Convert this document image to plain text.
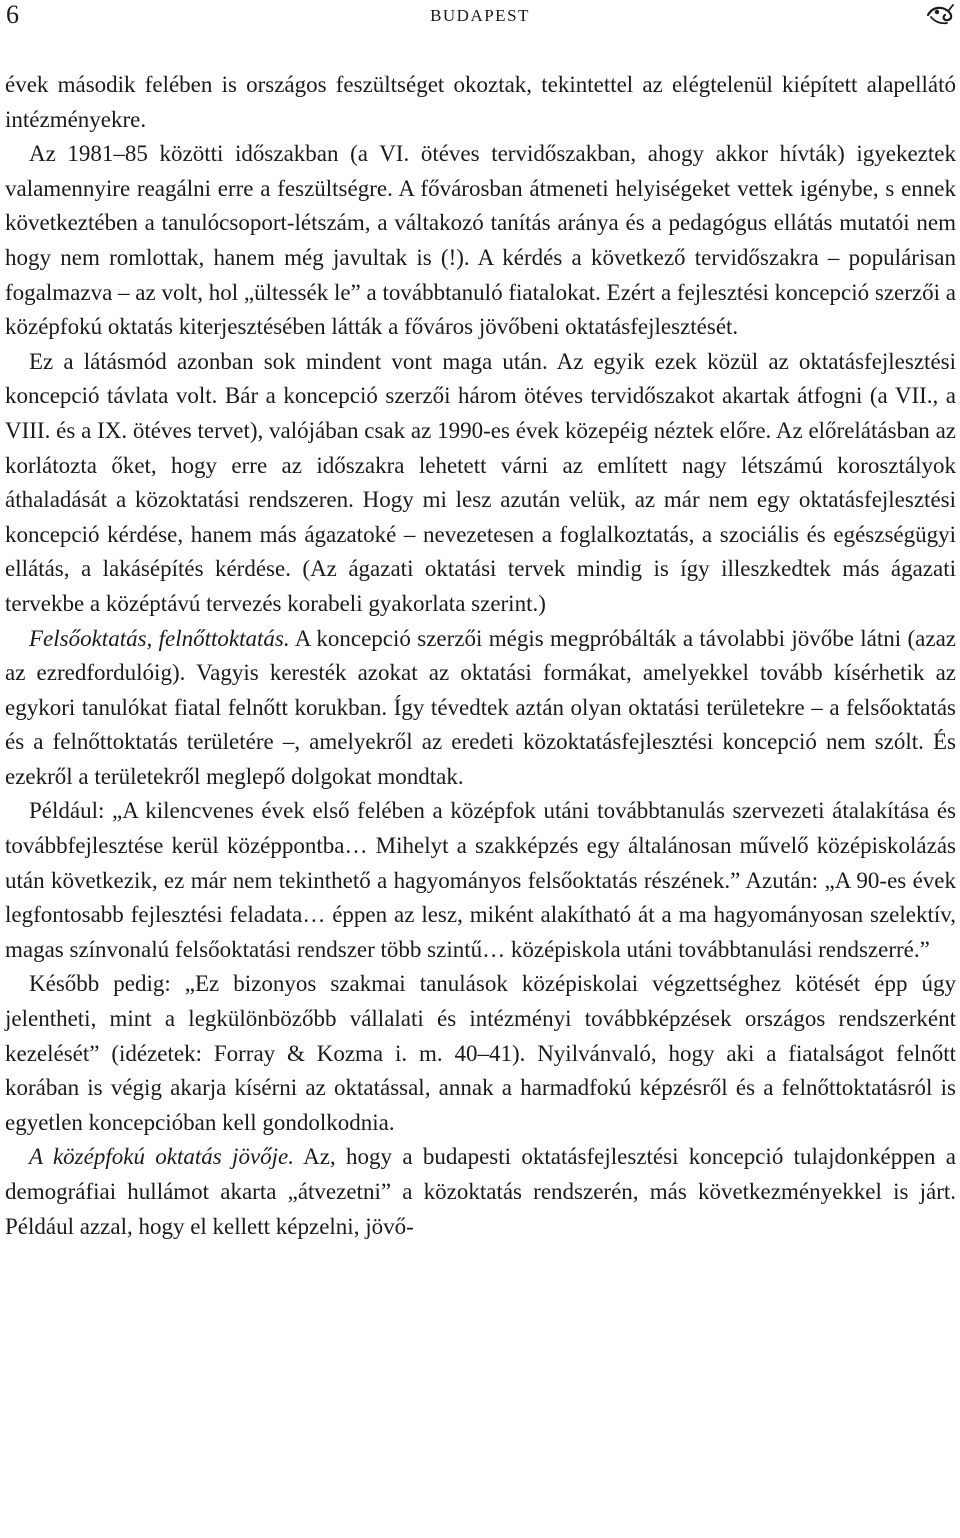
6	BUDAPEST

évek második felében is országos feszültséget okoztak, tekintettel az elégtelenül kiépített alapellátó intézményekre.

Az 1981–85 közötti időszakban (a VI. ötéves tervidőszakban, ahogy akkor hívták) igyekeztek valamennyire reagálni erre a feszültségre. A fővárosban átmeneti helyiségeket vettek igénybe, s ennek következtében a tanulócsoport-létszám, a váltakozó tanítás aránya és a pedagógus ellátás mutatói nem hogy nem romlottak, hanem még javultak is (!). A kérdés a következő tervidőszakra – populárisan fogalmazva – az volt, hol „ültessék le” a továbbtanuló fiatalokat. Ezért a fejlesztési koncepció szerzői a középfokú oktatás kiterjesztésében látták a főváros jövőbeni oktatásfejlesztését.

Ez a látásmód azonban sok mindent vont maga után. Az egyik ezek közül az oktatásfejlesztési koncepció távlata volt. Bár a koncepció szerzői három ötéves tervidőszakot akartak átfogni (a VII., a VIII. és a IX. ötéves tervet), valójában csak az 1990-es évek közepéig néztek előre. Az előrelátásban az korlátozta őket, hogy erre az időszakra lehetett várni az említett nagy létszámú korosztályok áthaladását a közoktatási rendszeren. Hogy mi lesz azután velük, az már nem egy oktatásfejlesztési koncepció kérdése, hanem más ágazatoké – nevezetesen a foglalkoztatás, a szociális és egészségügyi ellátás, a lakásépítés kérdése. (Az ágazati oktatási tervek mindig is így illeszkedtek más ágazati tervekbe a középtávú tervezés korabeli gyakorlata szerint.)

Felsőoktatás, felnőttoktatás. A koncepció szerzői mégis megpróbálták a távolabbi jövőbe látni (azaz az ezredfordulóig). Vagyis keresték azokat az oktatási formákat, amelyekkel tovább kísérhetik az egykori tanulókat fiatal felnőtt korukban. Így tévedtek aztán olyan oktatási területekre – a felsőoktatás és a felnőttoktatás területére –, amelyekről az eredeti közoktatásfejlesztési koncepció nem szólt. És ezekről a területekről meglepő dolgokat mondtak.

Például: „A kilencvenes évek első felében a középfok utáni továbbtanulás szervezeti átalakítása és továbbfejlesztése kerül középpontba… Mihelyt a szakképzés egy általánosan művelő középiskolázás után következik, ez már nem tekinthető a hagyományos felsőoktatás részének.” Azután: „A 90-es évek legfontosabb fejlesztési feladata… éppen az lesz, miként alakítható át a ma hagyományosan szelektív, magas színvonalú felsőoktatási rendszer több szintű… középiskola utáni továbbtanulási rendszerré.”

Később pedig: „Ez bizonyos szakmai tanulások középiskolai végzettséghez kötését épp úgy jelentheti, mint a legkülönbözőbb vállalati és intézményi továbbképzések országos rendszerként kezelését” (idézetek: Forray & Kozma i. m. 40–41). Nyilvánvaló, hogy aki a fiatalságot felnőtt korában is végig akarja kísérni az oktatással, annak a harmadfokú képzésről és a felnőttoktatásról is egyetlen koncepcióban kell gondolkodnia.

A középfokú oktatás jövője. Az, hogy a budapesti oktatásfejlesztési koncepció tulajdonképpen a demográfiai hullámot akarta „átvezetni” a közoktatás rendszerén, más következményekkel is járt. Például azzal, hogy el kellett képzelni, jövő-
